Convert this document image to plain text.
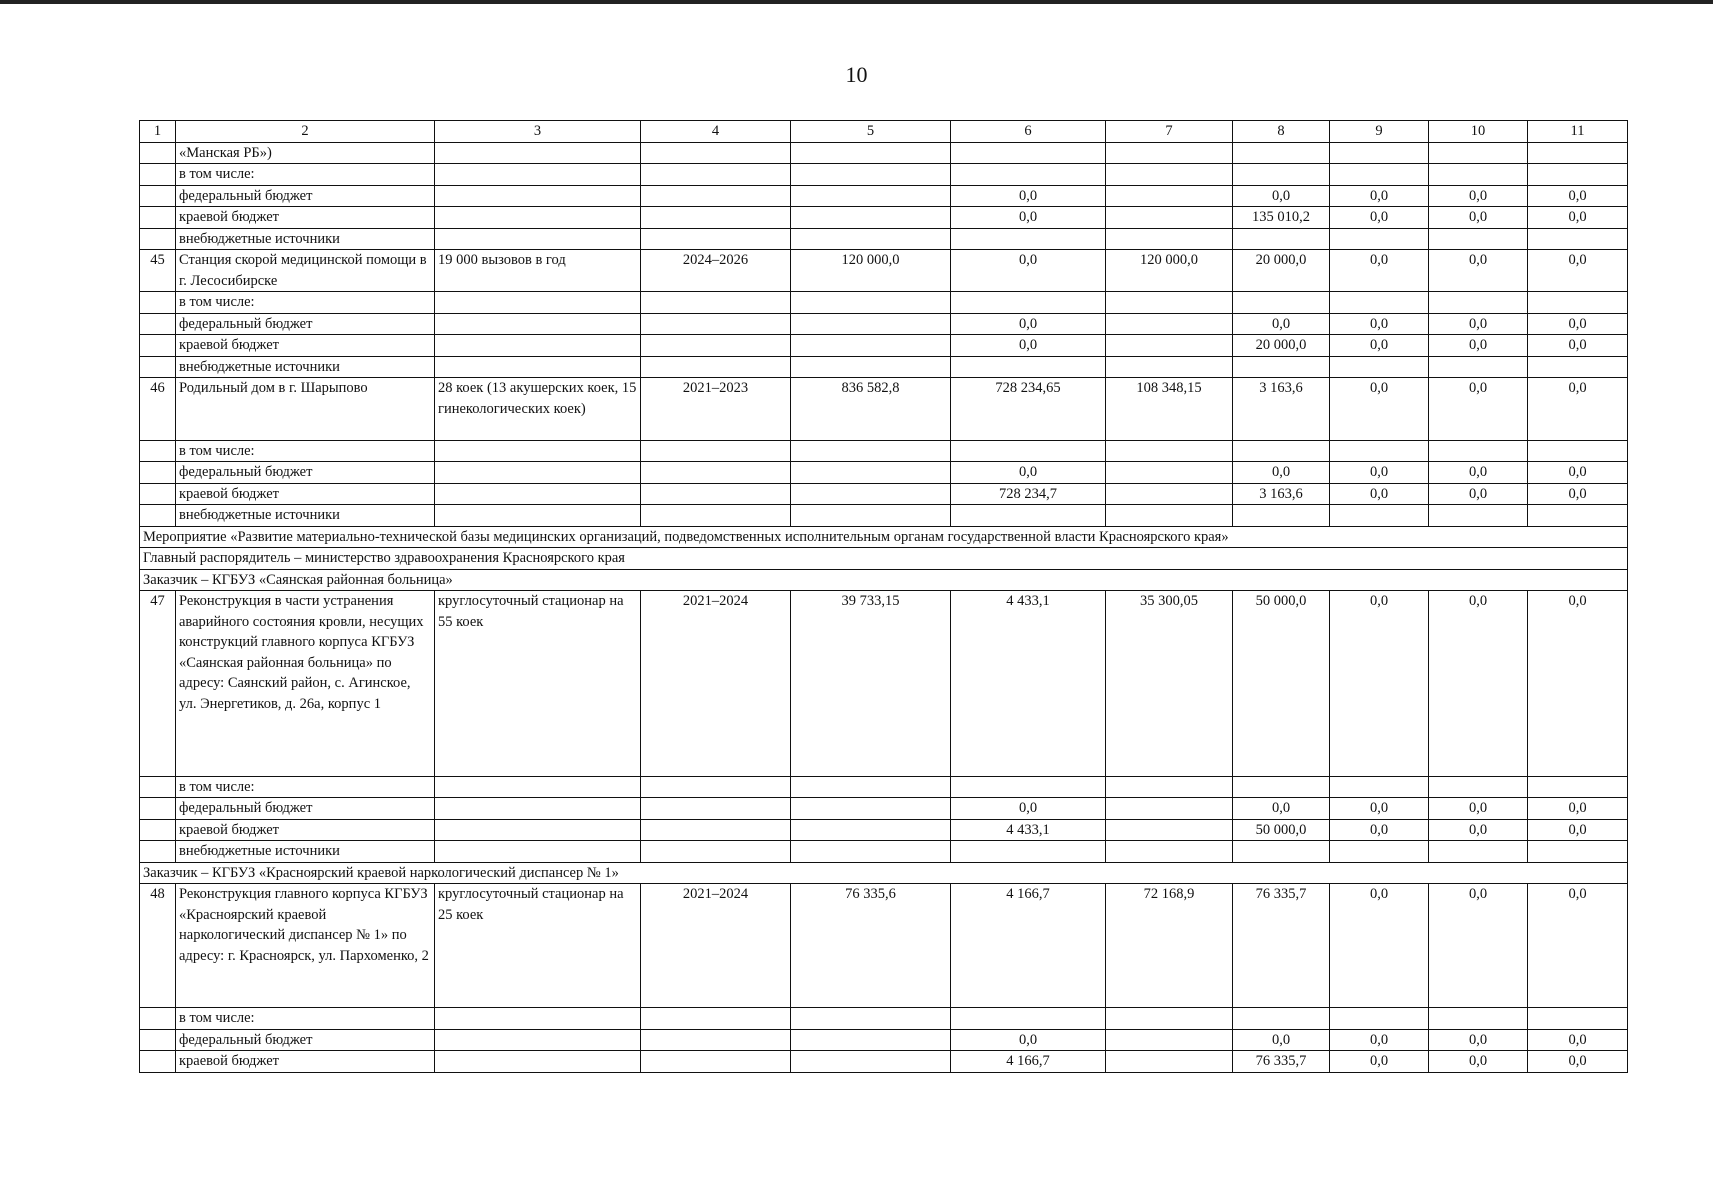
10
1	2	3	4	5	6	7	8	9	10	11
	«Манская РБ»)									
	в том числе:									
	федеральный бюджет				0,0		0,0	0,0	0,0	0,0
	краевой бюджет				0,0		135 010,2	0,0	0,0	0,0
	внебюджетные источники									
45	Станция скорой медицинской помощи в г. Лесосибирске	19 000 вызовов в год	2024–2026	120 000,0	0,0	120 000,0	20 000,0	0,0	0,0	0,0
	в том числе:									
	федеральный бюджет				0,0		0,0	0,0	0,0	0,0
	краевой бюджет				0,0		20 000,0	0,0	0,0	0,0
	внебюджетные источники									
46	Родильный дом в г. Шарыпово	28 коек (13 акушерских коек, 15 гинекологических коек)	2021–2023	836 582,8	728 234,65	108 348,15	3 163,6	0,0	0,0	0,0
	в том числе:									
	федеральный бюджет				0,0		0,0	0,0	0,0	0,0
	краевой бюджет				728 234,7		3 163,6	0,0	0,0	0,0
	внебюджетные источники									
Мероприятие «Развитие материально-технической базы медицинских организаций, подведомственных исполнительным органам государственной власти Красноярского края»										
Главный распорядитель – министерство здравоохранения Красноярского края										
Заказчик – КГБУЗ «Саянская районная больница»										
47	Реконструкция в части устранения аварийного состояния кровли, несущих конструкций главного корпуса КГБУЗ «Саянская районная больница» по адресу: Саянский район, с. Агинское, ул. Энергетиков, д. 26а, корпус 1	круглосуточный стационар на 55 коек	2021–2024	39 733,15	4 433,1	35 300,05	50 000,0	0,0	0,0	0,0
	в том числе:									
	федеральный бюджет				0,0		0,0	0,0	0,0	0,0
	краевой бюджет				4 433,1		50 000,0	0,0	0,0	0,0
	внебюджетные источники									
Заказчик – КГБУЗ «Красноярский краевой наркологический диспансер № 1»										
48	Реконструкция главного корпуса КГБУЗ «Красноярский краевой наркологический диспансер № 1» по адресу: г. Красноярск, ул. Пархоменко, 2	круглосуточный стационар на 25 коек	2021–2024	76 335,6	4 166,7	72 168,9	76 335,7	0,0	0,0	0,0
	в том числе:									
	федеральный бюджет				0,0		0,0	0,0	0,0	0,0
	краевой бюджет				4 166,7		76 335,7	0,0	0,0	0,0
